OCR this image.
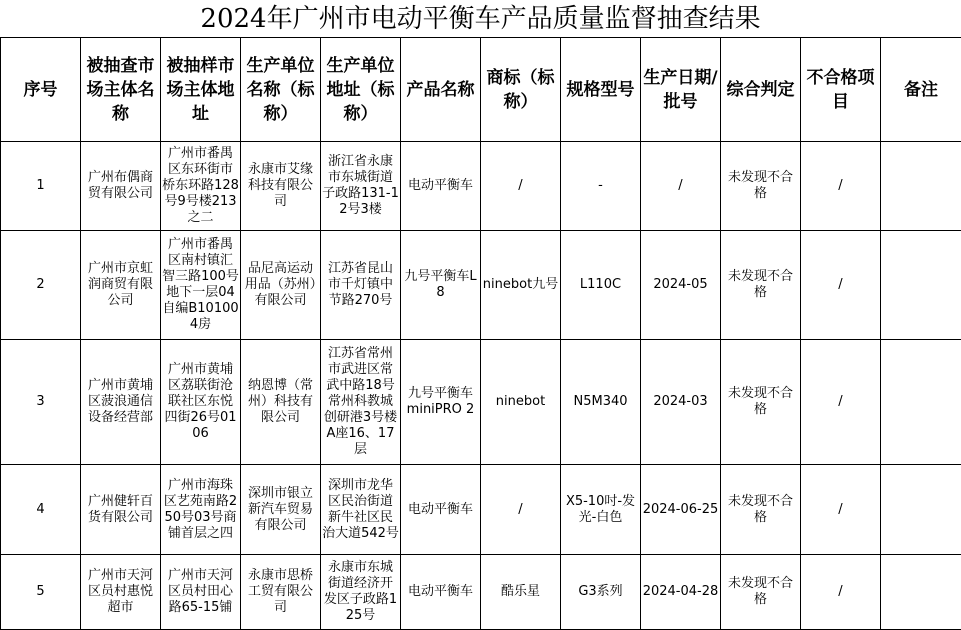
2024年广州市电动平衡车产品质量监督抽查结果
序号	被抽查市场主体名称	被抽样市场主体地址	生产单位名称（标称）	生产单位地址（标称）	产品名称	商标（标称）	规格型号	生产日期/批号	综合判定	不合格项目	备注
1	广州布偶商贸有限公司	广州市番禺区东环街市桥东环路128号9号楼213之二	永康市艾缘科技有限公司	浙江省永康市东城街道子政路131-12号3楼	电动平衡车	/	-	/	未发现不合格	/	
2	广州市京虹润商贸有限公司	广州市番禺区南村镇汇智三路100号地下一层04自编B101004房	品尼高运动用品（苏州）有限公司	江苏省昆山市千灯镇中节路270号	九号平衡车L8	ninebot九号	L110C	2024-05	未发现不合格	/	
3	广州市黄埔区菠浪通信设备经营部	广州市黄埔区荔联街沧联社区东悦四街26号0106	纳恩博（常州）科技有限公司	江苏省常州市武进区常武中路18号常州科教城创研港3号楼A座16、17层	九号平衡车miniPRO 2	ninebot	N5M340	2024-03	未发现不合格	/	
4	广州健轩百货有限公司	广州市海珠区艺苑南路250号03号商铺首层之四	深圳市银立新汽车贸易有限公司	深圳市龙华区民治街道新牛社区民治大道542号	电动平衡车	/	X5-10吋-发光-白色	2024-06-25	未发现不合格	/	
5	广州市天河区员村惠悦超市	广州市天河区员村田心路65-15铺	永康市思桥工贸有限公司	永康市东城街道经济开发区子政路125号	电动平衡车	酷乐星	G3系列	2024-04-28	未发现不合格	/	
